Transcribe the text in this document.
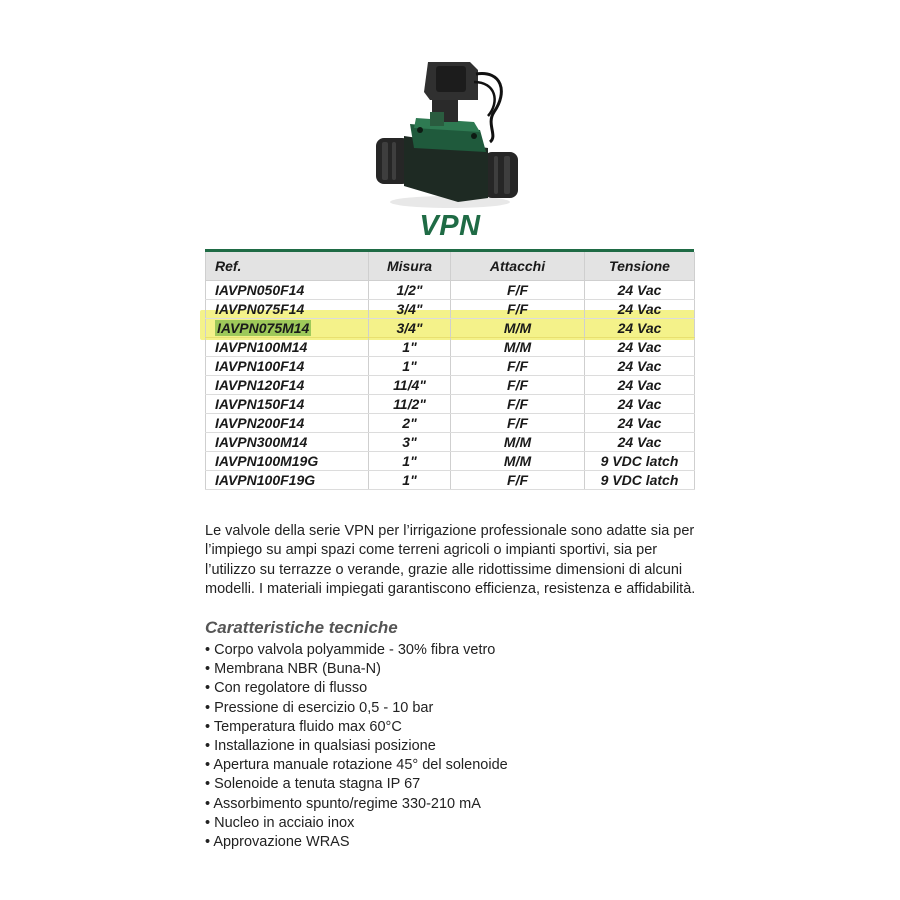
VPN
Ref.	Misura	Attacchi	Tensione
IAVPN050F14	1/2"	F/F	24 Vac
IAVPN075F14	3/4"	F/F	24 Vac
IAVPN075M14	3/4"	M/M	24 Vac
IAVPN100M14	1"	M/M	24 Vac
IAVPN100F14	1"	F/F	24 Vac
IAVPN120F14	11/4"	F/F	24 Vac
IAVPN150F14	11/2"	F/F	24 Vac
IAVPN200F14	2"	F/F	24 Vac
IAVPN300M14	3"	M/M	24 Vac
IAVPN100M19G	1"	M/M	9 VDC latch
IAVPN100F19G	1"	F/F	9 VDC latch

Le valvole della serie VPN per l’irrigazione professionale sono adatte sia per l’impiego su ampi spazi come terreni agricoli o impianti sportivi, sia per l’utilizzo su terrazze o verande, grazie alle ridottissime dimensioni di alcuni modelli. I materiali impiegati garantiscono efficienza, resistenza e affidabilità.

Caratteristiche tecniche
• Corpo valvola polyammide - 30% fibra vetro
• Membrana NBR (Buna-N)
• Con regolatore di flusso
• Pressione di esercizio 0,5 - 10 bar
• Temperatura fluido max 60°C
• Installazione in qualsiasi posizione
• Apertura manuale rotazione 45° del solenoide
• Solenoide a tenuta stagna IP 67
• Assorbimento spunto/regime 330-210 mA
• Nucleo in acciaio inox
• Approvazione WRAS
